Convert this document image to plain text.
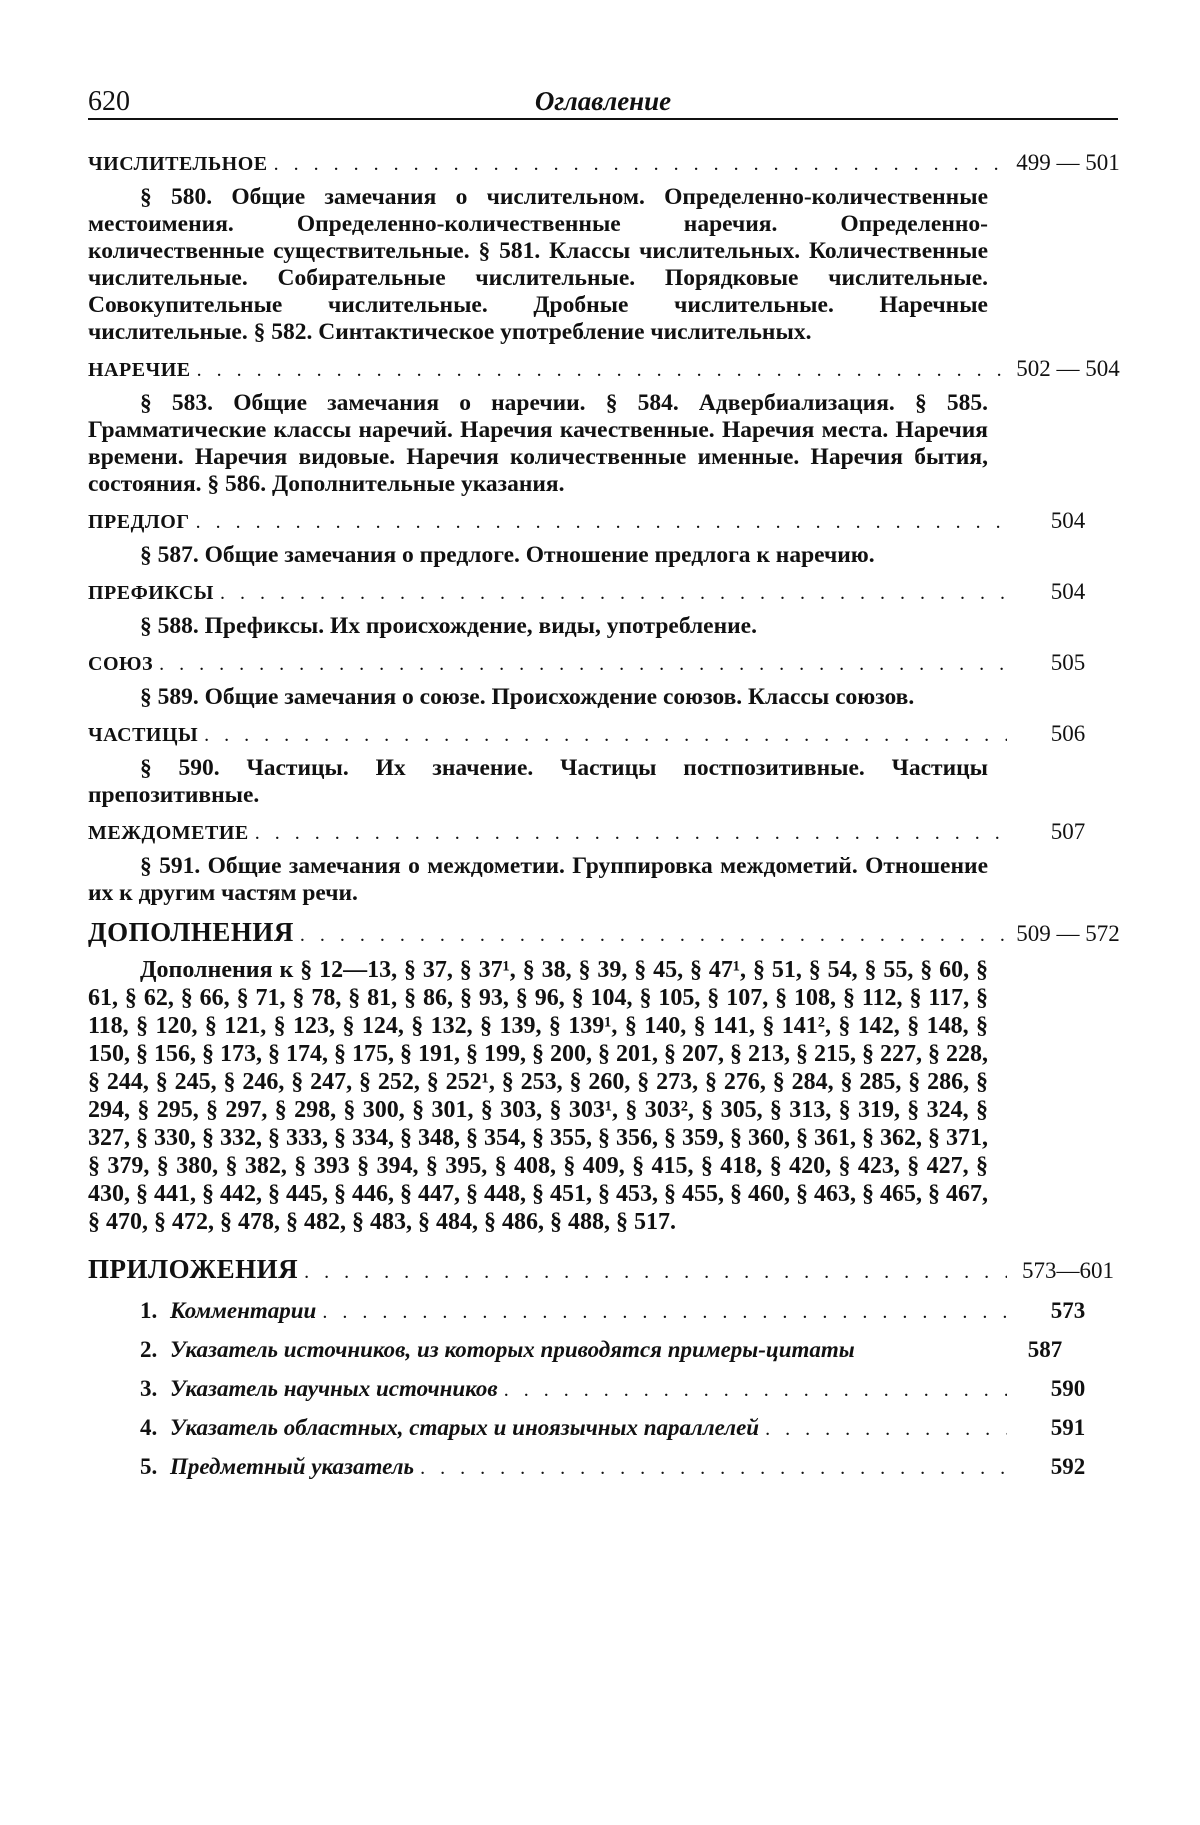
620	Оглавление
ЧИСЛИТЕЛЬНОЕ . . .	499 — 501

§ 580. Общие замечания о числительном. Определенно-количественные местоимения. Определенно-количественные наречия. Определенно-количественные существительные. § 581. Классы числительных. Количественные числительные. Собирательные числительные. Порядковые числительные. Совокупительные числительные. Дробные числительные. Наречные числительные. § 582. Синтактическое употребление числительных.

НАРЕЧИЕ . . .	502 — 504

§ 583. Общие замечания о наречии. § 584. Адвербиализация. § 585. Грамматические классы наречий. Наречия качественные. Наречия места. Наречия времени. Наречия видовые. Наречия количественные именные. Наречия бытия, состояния. § 586. Дополнительные указания.

ПРЕДЛОГ . . .	504

§ 587. Общие замечания о предлоге. Отношение предлога к наречию.

ПРЕФИКСЫ . . .	504

§ 588. Префиксы. Их происхождение, виды, употребление.

СОЮЗ . . .	505

§ 589. Общие замечания о союзе. Происхождение союзов. Классы союзов.

ЧАСТИЦЫ . . .	506

§ 590. Частицы. Их значение. Частицы постпозитивные. Частицы препозитивные.

МЕЖДОМЕТИЕ . . .	507

§ 591. Общие замечания о междометии. Группировка междометий. Отношение их к другим частям речи.

ДОПОЛНЕНИЯ . . .	509 — 572

Дополнения к § 12—13, § 37, § 37¹, § 38, § 39, § 45, § 47¹, § 51, § 54, § 55, § 60, § 61, § 62, § 66, § 71, § 78, § 81, § 86, § 93, § 96, § 104, § 105, § 107, § 108, § 112, § 117, § 118, § 120, § 121, § 123, § 124, § 132, § 139, § 139¹, § 140, § 141, § 141², § 142, § 148, § 150, § 156, § 173, § 174, § 175, § 191, § 199, § 200, § 201, § 207, § 213, § 215, § 227, § 228, § 244, § 245, § 246, § 247, § 252, § 252¹, § 253, § 260, § 273, § 276, § 284, § 285, § 286, § 294, § 295, § 297, § 298, § 300, § 301, § 303, § 303¹, § 303², § 305, § 313, § 319, § 324, § 327, § 330, § 332, § 333, § 334, § 348, § 354, § 355, § 356, § 359, § 360, § 361, § 362, § 371, § 379, § 380, § 382, § 393 § 394, § 395, § 408, § 409, § 415, § 418, § 420, § 423, § 427, § 430, § 441, § 442, § 445, § 446, § 447, § 448, § 451, § 453, § 455, § 460, § 463, § 465, § 467, § 470, § 472, § 478, § 482, § 483, § 484, § 486, § 488, § 517.

ПРИЛОЖЕНИЯ . . .	573—601
1. Комментарии . . .	573
2. Указатель источников, из которых приводятся примеры-цитаты	587
3. Указатель научных источников . . .	590
4. Указатель областных, старых и иноязычных параллелей . . .	591
5. Предметный указатель . . .	592
